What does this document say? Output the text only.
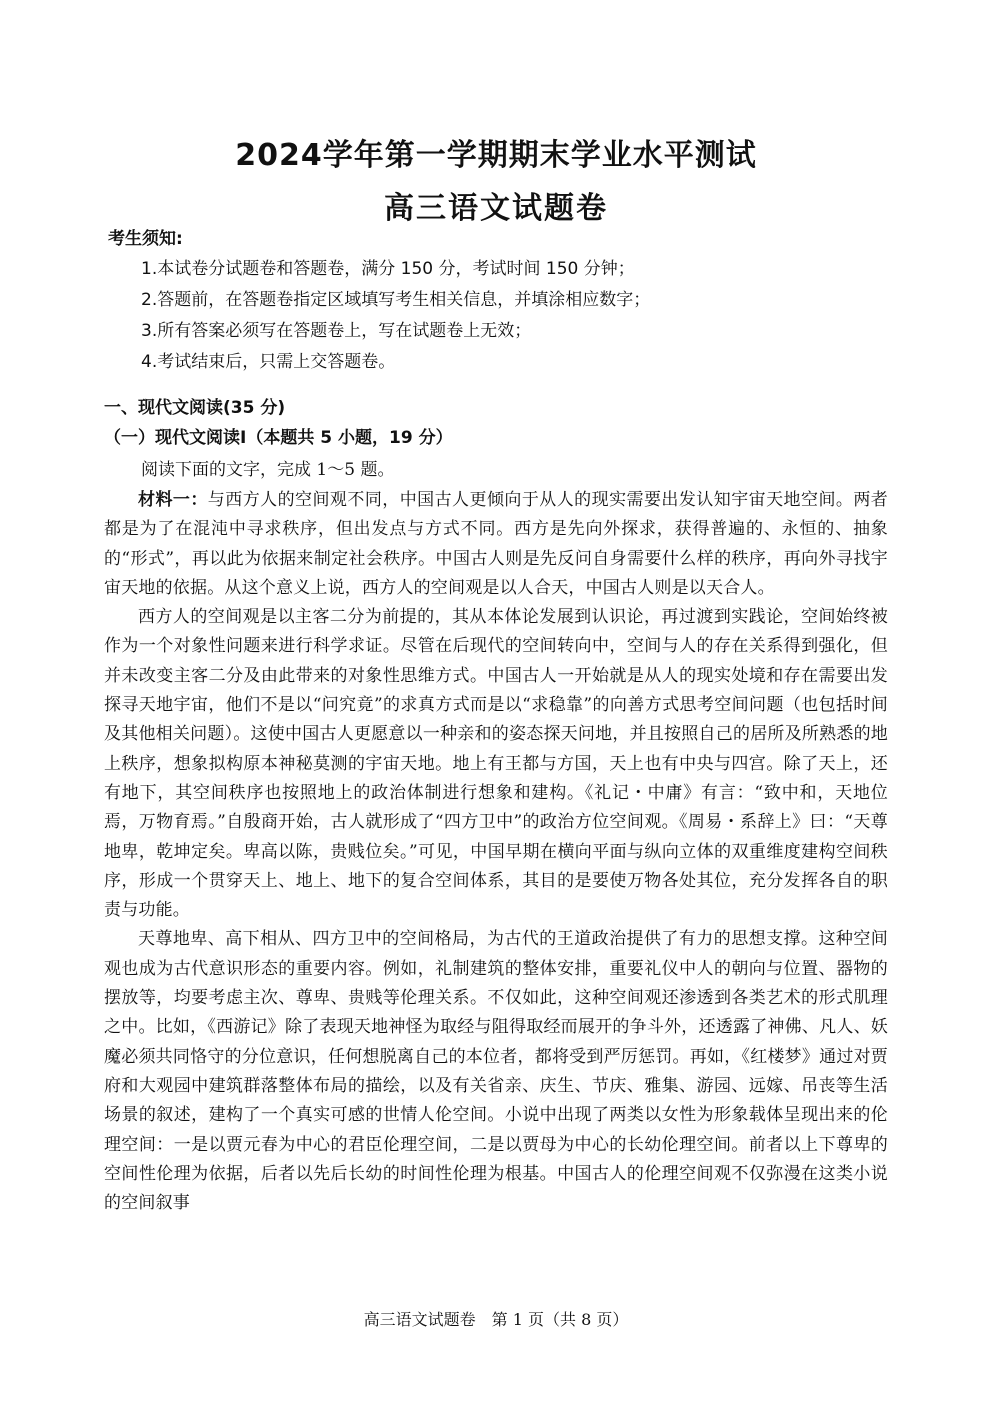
2024学年第一学期期末学业水平测试
高三语文试题卷
考生须知:
1.本试卷分试题卷和答题卷，满分 150 分，考试时间 150 分钟；
2.答题前，在答题卷指定区域填写考生相关信息，并填涂相应数字；
3.所有答案必须写在答题卷上，写在试题卷上无效；
4.考试结束后，只需上交答题卷。
一、现代文阅读(35 分)
（一）现代文阅读Ⅰ（本题共 5 小题，19 分）
阅读下面的文字，完成 1～5 题。

材料一：与西方人的空间观不同，中国古人更倾向于从人的现实需要出发认知宇宙天地空间。两者都是为了在混沌中寻求秩序，但出发点与方式不同。西方是先向外探求，获得普遍的、永恒的、抽象的“形式”，再以此为依据来制定社会秩序。中国古人则是先反问自身需要什么样的秩序，再向外寻找宇宙天地的依据。从这个意义上说，西方人的空间观是以人合天，中国古人则是以天合人。

西方人的空间观是以主客二分为前提的，其从本体论发展到认识论，再过渡到实践论，空间始终被作为一个对象性问题来进行科学求证。尽管在后现代的空间转向中，空间与人的存在关系得到强化，但并未改变主客二分及由此带来的对象性思维方式。中国古人一开始就是从人的现实处境和存在需要出发探寻天地宇宙，他们不是以“问究竟”的求真方式而是以“求稳靠”的向善方式思考空间问题（也包括时间及其他相关问题）。这使中国古人更愿意以一种亲和的姿态探天问地，并且按照自己的居所及所熟悉的地上秩序，想象拟构原本神秘莫测的宇宙天地。地上有王都与方国，天上也有中央与四宫。除了天上，还有地下，其空间秩序也按照地上的政治体制进行想象和建构。《礼记・中庸》有言：“致中和，天地位焉，万物育焉。”自殷商开始，古人就形成了“四方卫中”的政治方位空间观。《周易・系辞上》曰：“天尊地卑，乾坤定矣。卑高以陈，贵贱位矣。”可见，中国早期在横向平面与纵向立体的双重维度建构空间秩序，形成一个贯穿天上、地上、地下的复合空间体系，其目的是要使万物各处其位，充分发挥各自的职责与功能。

天尊地卑、高下相从、四方卫中的空间格局，为古代的王道政治提供了有力的思想支撑。这种空间观也成为古代意识形态的重要内容。例如，礼制建筑的整体安排，重要礼仪中人的朝向与位置、器物的摆放等，均要考虑主次、尊卑、贵贱等伦理关系。不仅如此，这种空间观还渗透到各类艺术的形式肌理之中。比如，《西游记》除了表现天地神怪为取经与阻得取经而展开的争斗外，还透露了神佛、凡人、妖魔必须共同恪守的分位意识，任何想脱离自己的本位者，都将受到严厉惩罚。再如，《红楼梦》通过对贾府和大观园中建筑群落整体布局的描绘，以及有关省亲、庆生、节庆、雅集、游园、远嫁、吊丧等生活场景的叙述，建构了一个真实可感的世情人伦空间。小说中出现了两类以女性为形象载体呈现出来的伦理空间：一是以贾元春为中心的君臣伦理空间，二是以贾母为中心的长幼伦理空间。前者以上下尊卑的空间性伦理为依据，后者以先后长幼的时间性伦理为根基。中国古人的伦理空间观不仅弥漫在这类小说的空间叙事

高三语文试题卷　第 1 页（共 8 页）
